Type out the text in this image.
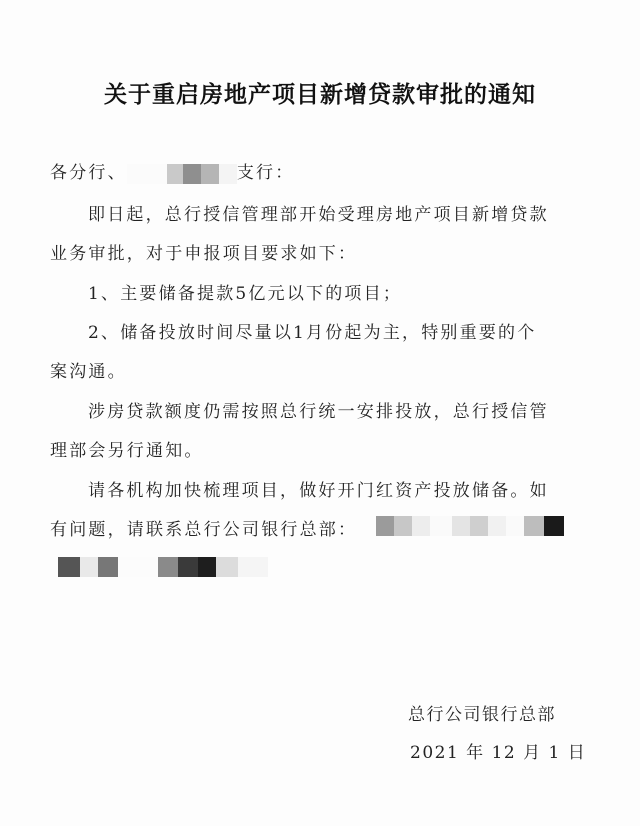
关于重启房地产项目新增贷款审批的通知
各分行、	支行：
即日起，总行授信管理部开始受理房地产项目新增贷款
业务审批，对于申报项目要求如下：
1、主要储备提款5亿元以下的项目；
2、储备投放时间尽量以1月份起为主，特别重要的个
案沟通。
涉房贷款额度仍需按照总行统一安排投放，总行授信管
理部会另行通知。
请各机构加快梳理项目，做好开门红资产投放储备。如
有问题，请联系总行公司银行总部：
总行公司银行总部
2021 年 12 月 1 日
